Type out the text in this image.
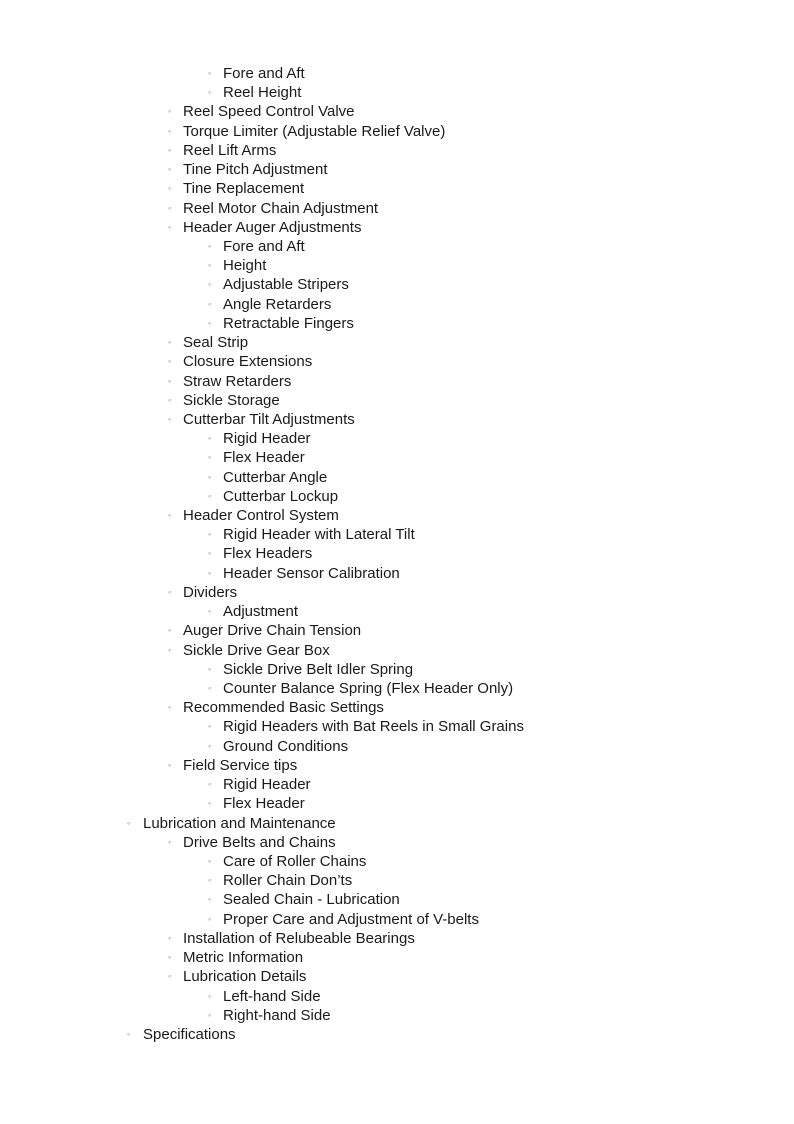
◦ Fore and Aft
◦ Reel Height
◦ Reel Speed Control Valve
◦ Torque Limiter (Adjustable Relief Valve)
◦ Reel Lift Arms
◦ Tine Pitch Adjustment
◦ Tine Replacement
◦ Reel Motor Chain Adjustment
◦ Header Auger Adjustments
◦ Fore and Aft
◦ Height
◦ Adjustable Stripers
◦ Angle Retarders
◦ Retractable Fingers
◦ Seal Strip
◦ Closure Extensions
◦ Straw Retarders
◦ Sickle Storage
◦ Cutterbar Tilt Adjustments
◦ Rigid Header
◦ Flex Header
◦ Cutterbar Angle
◦ Cutterbar Lockup
◦ Header Control System
◦ Rigid Header with Lateral Tilt
◦ Flex Headers
◦ Header Sensor Calibration
◦ Dividers
◦ Adjustment
◦ Auger Drive Chain Tension
◦ Sickle Drive Gear Box
◦ Sickle Drive Belt Idler Spring
◦ Counter Balance Spring (Flex Header Only)
◦ Recommended Basic Settings
◦ Rigid Headers with Bat Reels in Small Grains
◦ Ground Conditions
◦ Field Service tips
◦ Rigid Header
◦ Flex Header
◦ Lubrication and Maintenance
◦ Drive Belts and Chains
◦ Care of Roller Chains
◦ Roller Chain Don’ts
◦ Sealed Chain - Lubrication
◦ Proper Care and Adjustment of V-belts
◦ Installation of Relubeable Bearings
◦ Metric Information
◦ Lubrication Details
◦ Left-hand Side
◦ Right-hand Side
◦ Specifications
